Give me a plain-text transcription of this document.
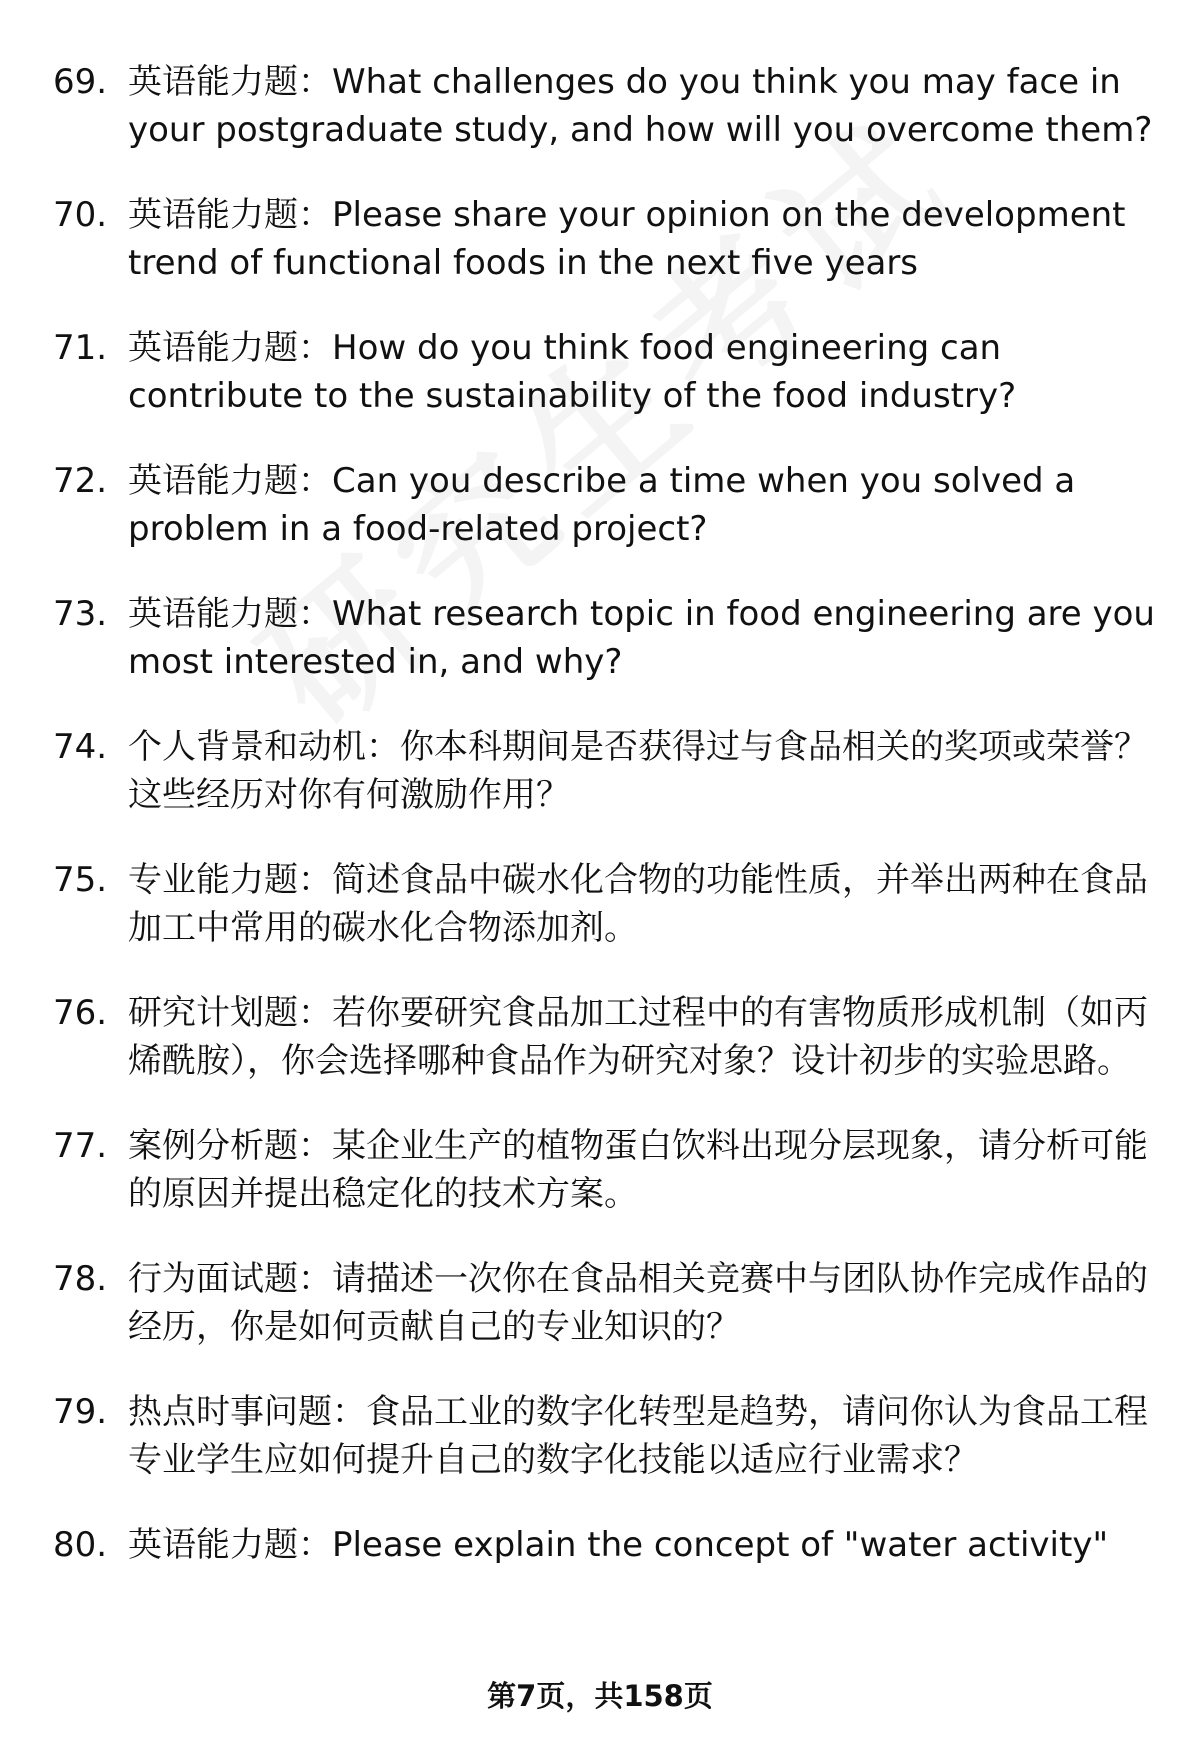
69. 英语能力题：What challenges do you think you may face in your postgraduate study, and how will you overcome them?
70. 英语能力题：Please share your opinion on the development trend of functional foods in the next five years
71. 英语能力题：How do you think food engineering can contribute to the sustainability of the food industry?
72. 英语能力题：Can you describe a time when you solved a problem in a food-related project?
73. 英语能力题：What research topic in food engineering are you most interested in, and why?
74. 个人背景和动机：你本科期间是否获得过与食品相关的奖项或荣誉？这些经历对你有何激励作用？
75. 专业能力题：简述食品中碳水化合物的功能性质，并举出两种在食品加工中常用的碳水化合物添加剂。
76. 研究计划题：若你要研究食品加工过程中的有害物质形成机制（如丙烯酰胺），你会选择哪种食品作为研究对象？设计初步的实验思路。
77. 案例分析题：某企业生产的植物蛋白饮料出现分层现象，请分析可能的原因并提出稳定化的技术方案。
78. 行为面试题：请描述一次你在食品相关竞赛中与团队协作完成作品的经历，你是如何贡献自己的专业知识的？
79. 热点时事问题：食品工业的数字化转型是趋势，请问你认为食品工程专业学生应如何提升自己的数字化技能以适应行业需求？
80. 英语能力题：Please explain the concept of "water activity"
第7页，共158页
